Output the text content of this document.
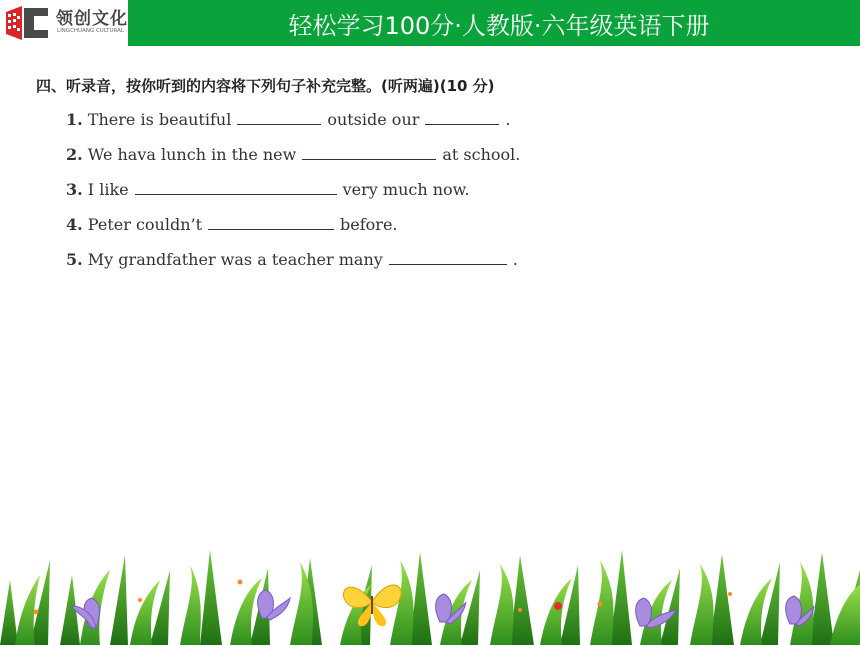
领创文化
LINGCHUANG CULTURAL	轻松学习100分·人教版·六年级英语下册
四、听录音，按你听到的内容将下列句子补充完整。(听两遍)(10 分)
1.
There is beautiful	outside our	.
2.
We hava lunch in the new	at school.
3.
I like	very much now.
4.
Peter couldn’t	before.
5.
My grandfather was a teacher many	.
